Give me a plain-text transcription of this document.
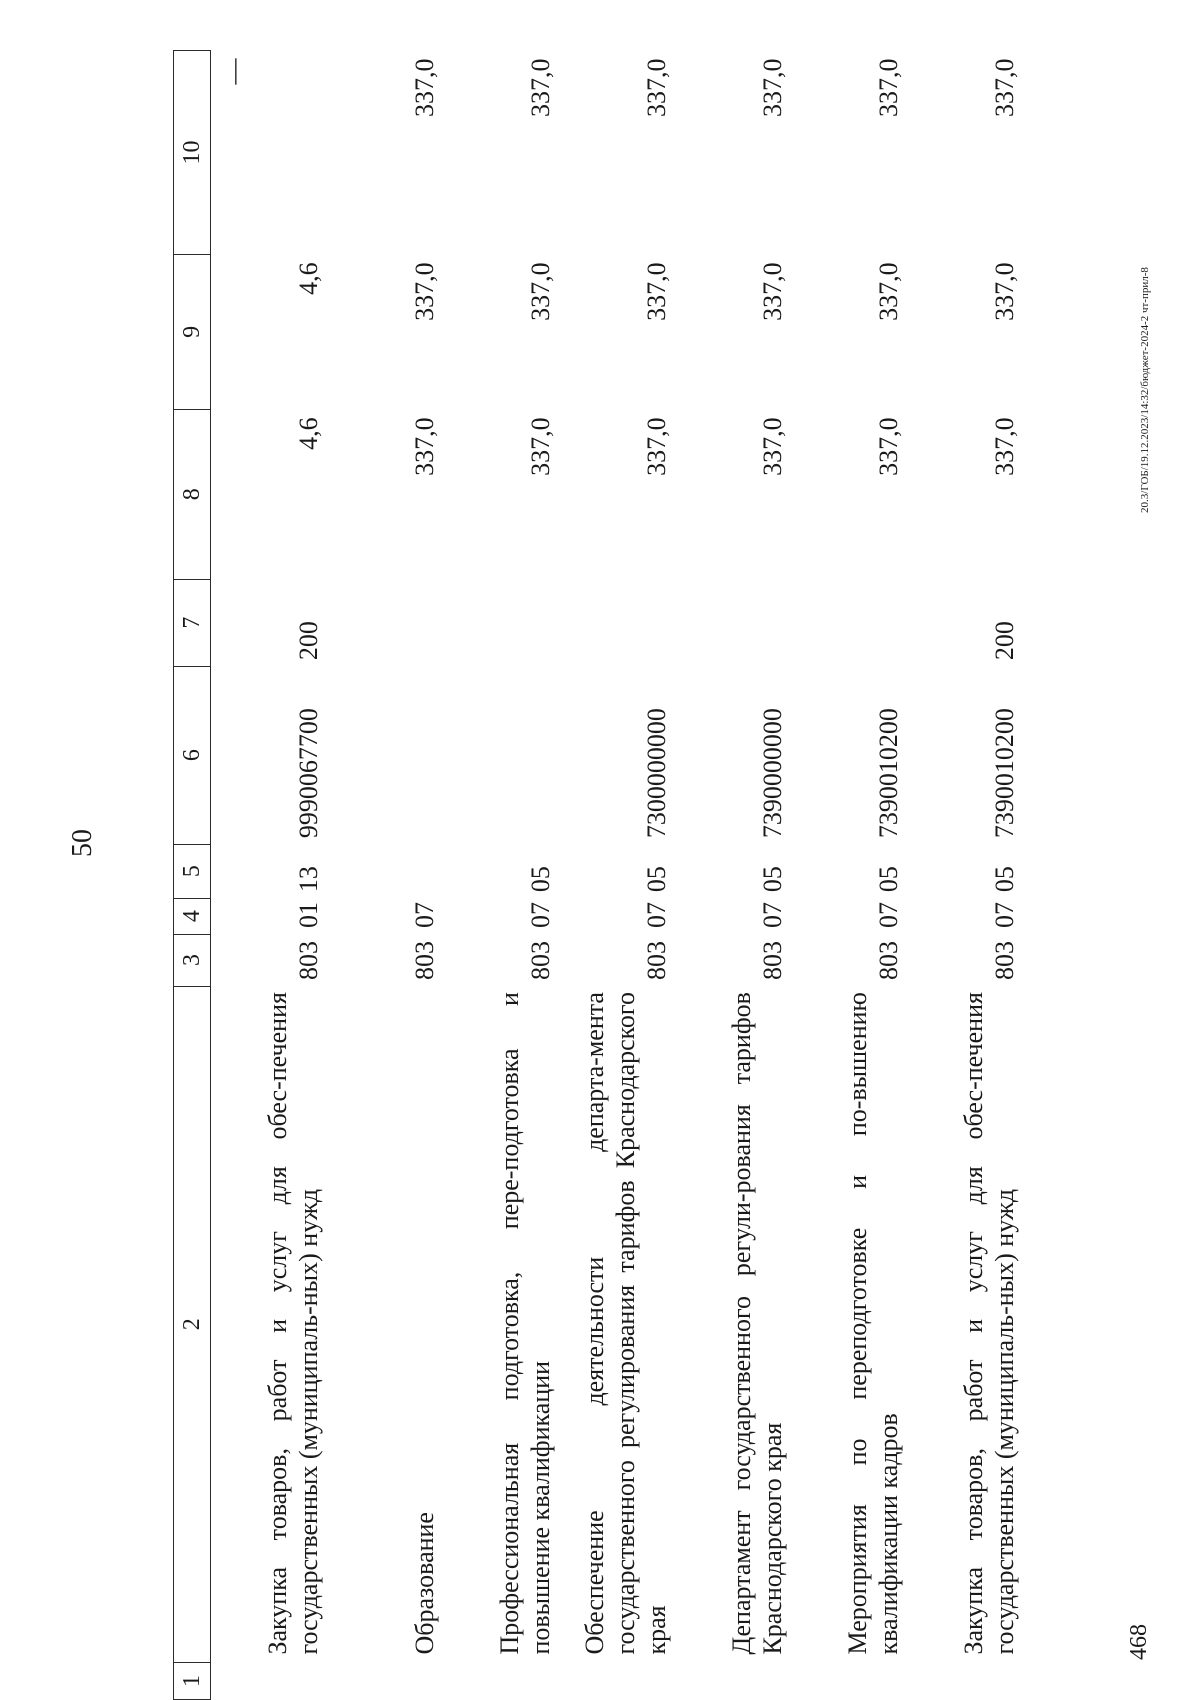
50
1	2	3	4	5	6	7	8	9	10
	Закупка товаров, работ и услуг для обес-печения государственных (муниципаль-ных) нужд	803	01	13	9990067700	200	4,6	4,6	—
	Образование	803	07				337,0	337,0	337,0
	Профессиональная подготовка, пере-подготовка и повышение квалификации	803	07	05			337,0	337,0	337,0
	Обеспечение деятельности департа-мента государственного регулирования тарифов Краснодарского края	803	07	05	7300000000		337,0	337,0	337,0
	Департамент государственного регули-рования тарифов Краснодарского края	803	07	05	7390000000		337,0	337,0	337,0
	Мероприятия по переподготовке и по-вышению квалификации кадров	803	07	05	7390010200		337,0	337,0	337,0
	Закупка товаров, работ и услуг для обес-печения государственных (муниципаль-ных) нужд	803	07	05	7390010200	200	337,0	337,0	337,0
20.3/ГОБ/19.12.2023/14:32/бюджет-2024-2 чт-прил-8
468
